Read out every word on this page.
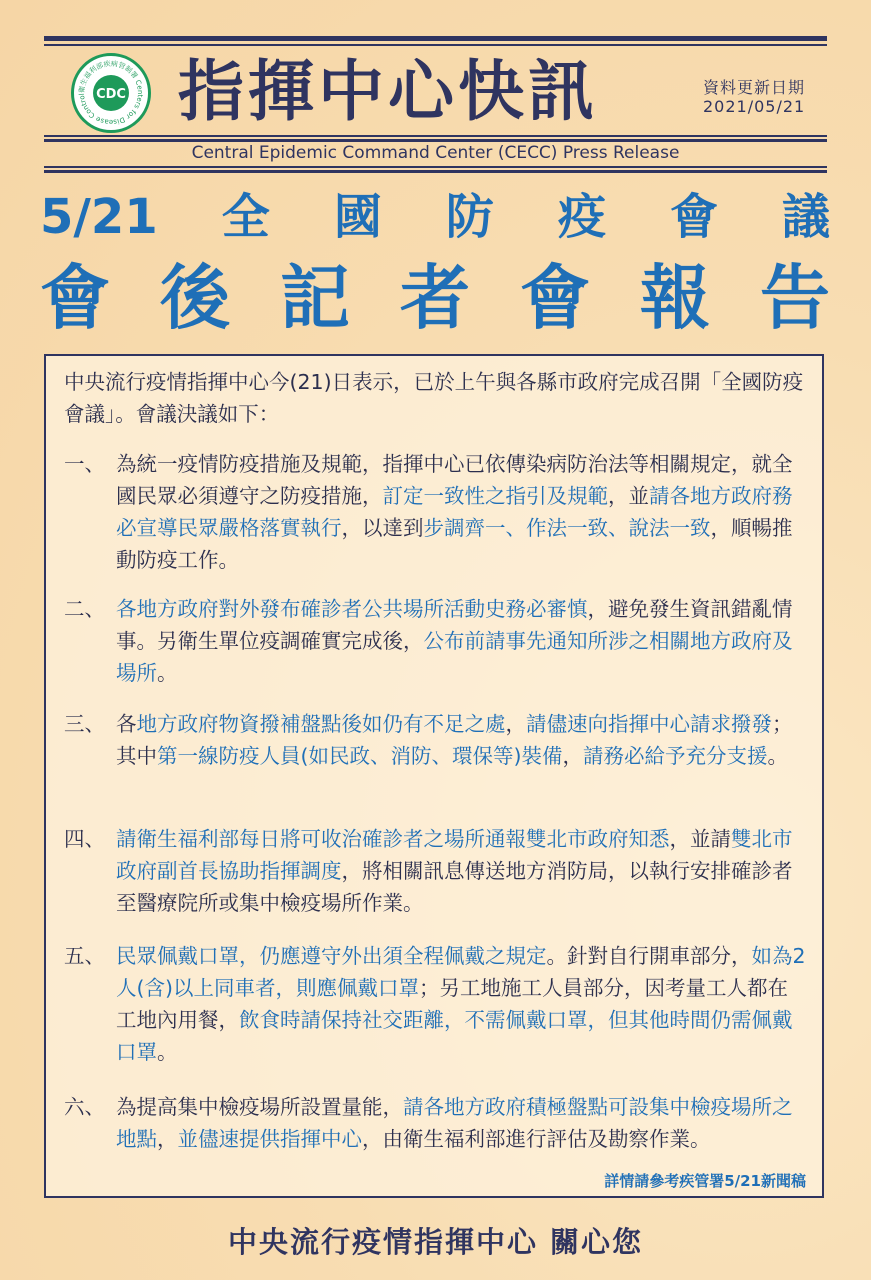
衛生福利部疾病管制署 Centers for Disease Control CDC 指揮中心快訊	資料更新日期
2021/05/21
Central Epidemic Command Center (CECC) Press Release
5/21全國防疫會議
會後記者會報告
中央流行疫情指揮中心今(21)日表示，已於上午與各縣市政府完成召開「全國防疫會議」。會議決議如下：
一、 為統一疫情防疫措施及規範，指揮中心已依傳染病防治法等相關規定，就全國民眾必須遵守之防疫措施，訂定一致性之指引及規範，並請各地方政府務必宣導民眾嚴格落實執行，以達到步調齊一、作法一致、說法一致，順暢推動防疫工作。
二、 各地方政府對外發布確診者公共場所活動史務必審慎，避免發生資訊錯亂情事。另衛生單位疫調確實完成後，公布前請事先通知所涉之相關地方政府及場所。
三、 各地方政府物資撥補盤點後如仍有不足之處，請儘速向指揮中心請求撥發；其中第一線防疫人員(如民政、消防、環保等)裝備，請務必給予充分支援。
四、 請衛生福利部每日將可收治確診者之場所通報雙北市政府知悉，並請雙北市政府副首長協助指揮調度，將相關訊息傳送地方消防局，以執行安排確診者至醫療院所或集中檢疫場所作業。
五、 民眾佩戴口罩，仍應遵守外出須全程佩戴之規定。針對自行開車部分，如為2人(含)以上同車者，則應佩戴口罩；另工地施工人員部分，因考量工人都在工地內用餐，飲食時請保持社交距離，不需佩戴口罩，但其他時間仍需佩戴口罩。
六、 為提高集中檢疫場所設置量能，請各地方政府積極盤點可設集中檢疫場所之地點，並儘速提供指揮中心，由衛生福利部進行評估及勘察作業。
詳情請參考疾管署5/21新聞稿
中央流行疫情指揮中心 關心您
